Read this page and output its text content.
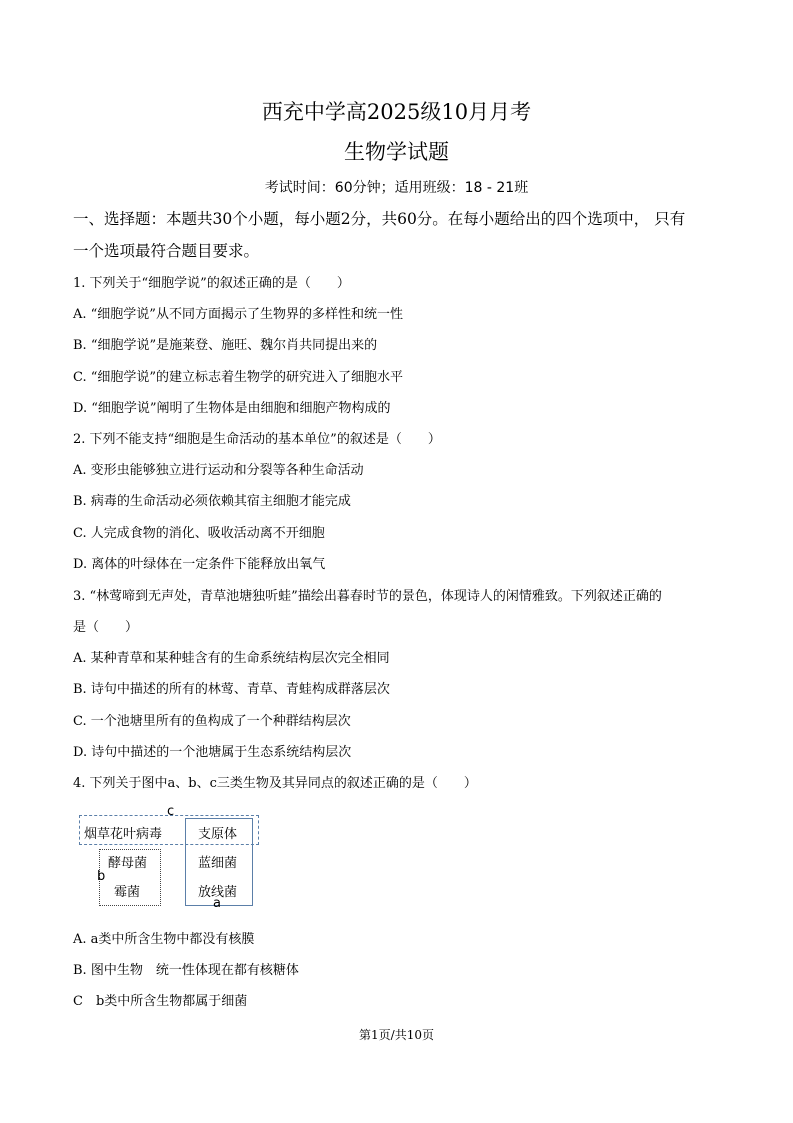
西充中学高2025级10月月考
生物学试题
考试时间：60分钟；适用班级：18 - 21班
一、选择题：本题共30个小题，每小题2分，共60分。在每小题给出的四个选项中， 只有
一个选项最符合题目要求。
1. 下列关于“细胞学说”的叙述正确的是（　　）
A. “细胞学说”从不同方面揭示了生物界的多样性和统一性
B. “细胞学说”是施莱登、施旺、魏尔肖共同提出来的
C. “细胞学说”的建立标志着生物学的研究进入了细胞水平
D. “细胞学说”阐明了生物体是由细胞和细胞产物构成的
2. 下列不能支持“细胞是生命活动的基本单位”的叙述是（　　）
A. 变形虫能够独立进行运动和分裂等各种生命活动
B. 病毒的生命活动必须依赖其宿主细胞才能完成
C. 人完成食物的消化、吸收活动离不开细胞
D. 离体的叶绿体在一定条件下能释放出氧气
3. “林莺啼到无声处，青草池塘独听蛙”描绘出暮春时节的景色，体现诗人的闲情雅致。下列叙述正确的
是（　　）
A. 某种青草和某种蛙含有的生命系统结构层次完全相同
B. 诗句中描述的所有的林莺、青草、青蛙构成群落层次
C. 一个池塘里所有的鱼构成了一个种群结构层次
D. 诗句中描述的一个池塘属于生态系统结构层次
4. 下列关于图中a、b、c三类生物及其异同点的叙述正确的是（　　）
c
b
a
烟草花叶病毒	支原体
酵母菌	蓝细菌
霉菌	放线菌
A. a类中所含生物中都没有核膜
B. 图中生物　统一性体现在都有核糖体
C　b类中所含生物都属于细菌
第1页/共10页
